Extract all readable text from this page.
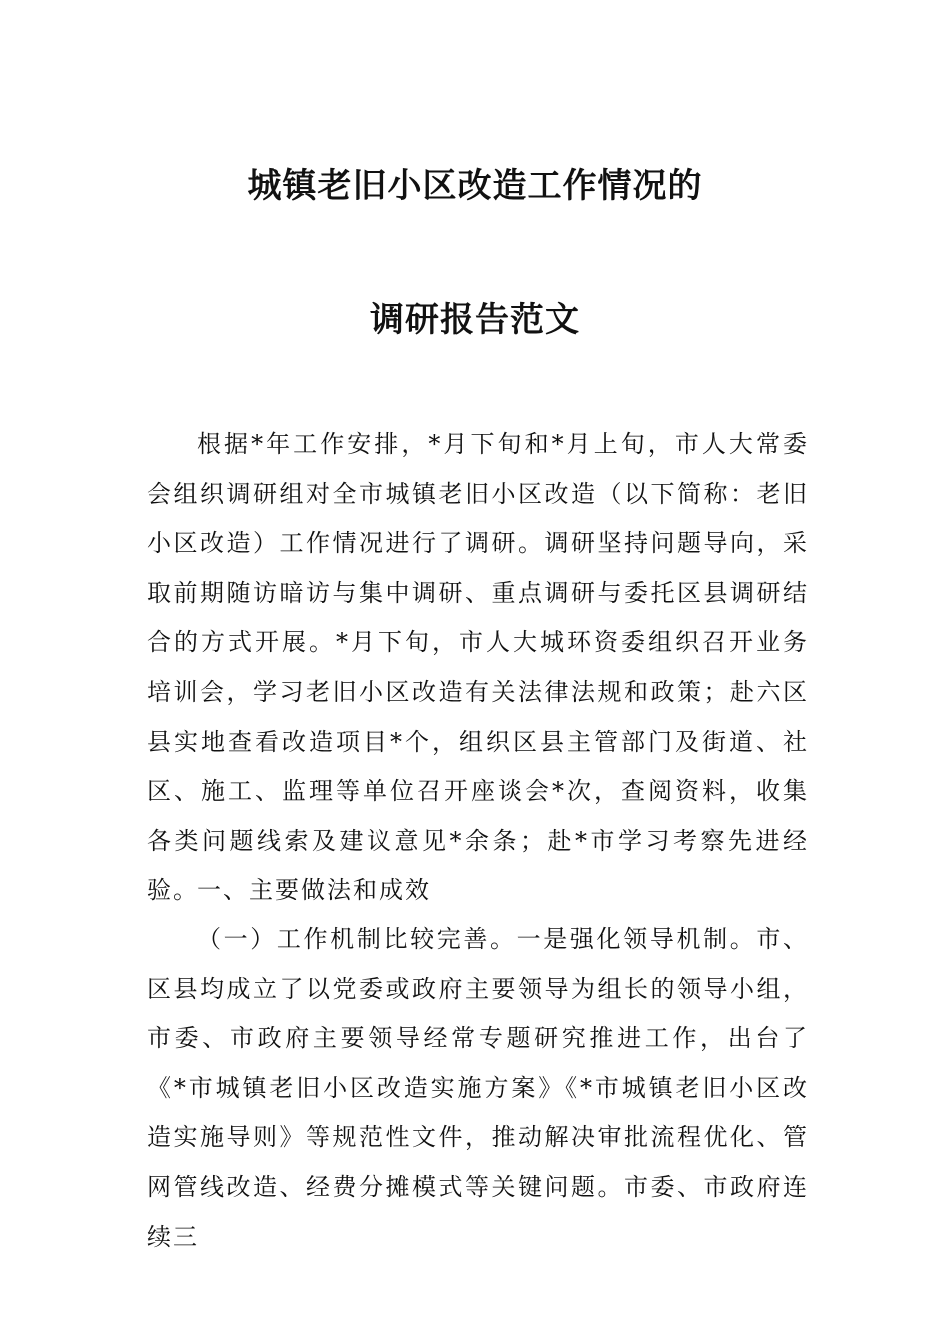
城镇老旧小区改造工作情况的
调研报告范文

根据*年工作安排，*月下旬和*月上旬，市人大常委会组织调研组对全市城镇老旧小区改造（以下简称：老旧小区改造）工作情况进行了调研。调研坚持问题导向，采取前期随访暗访与集中调研、重点调研与委托区县调研结合的方式开展。*月下旬，市人大城环资委组织召开业务培训会，学习老旧小区改造有关法律法规和政策；赴六区县实地查看改造项目*个，组织区县主管部门及街道、社区、施工、监理等单位召开座谈会*次，查阅资料，收集各类问题线索及建议意见*余条；赴*市学习考察先进经验。

一、主要做法和成效

（一）工作机制比较完善。一是强化领导机制。市、区县均成立了以党委或政府主要领导为组长的领导小组，市委、市政府主要领导经常专题研究推进工作，出台了《*市城镇老旧小区改造实施方案》《*市城镇老旧小区改造实施导则》等规范性文件，推动解决审批流程优化、管网管线改造、经费分摊模式等关键问题。市委、市政府连续三
